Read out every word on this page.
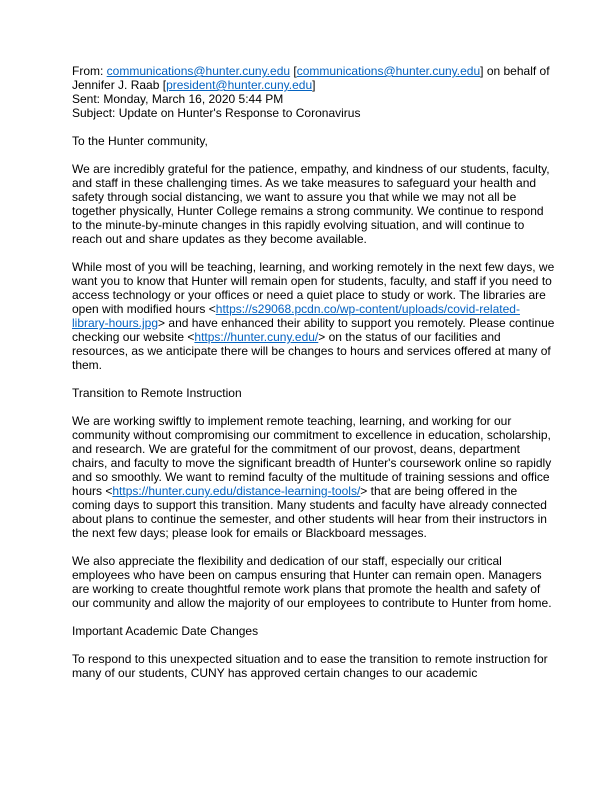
From: communications@hunter.cuny.edu [communications@hunter.cuny.edu] on behalf of Jennifer J. Raab [president@hunter.cuny.edu]

Sent: Monday, March 16, 2020 5:44 PM

Subject: Update on Hunter's Response to Coronavirus

To the Hunter community,

We are incredibly grateful for the patience, empathy, and kindness of our students, faculty, and staff in these challenging times. As we take measures to safeguard your health and safety through social distancing, we want to assure you that while we may not all be together physically, Hunter College remains a strong community. We continue to respond to the minute-by-minute changes in this rapidly evolving situation, and will continue to reach out and share updates as they become available.

While most of you will be teaching, learning, and working remotely in the next few days, we want you to know that Hunter will remain open for students, faculty, and staff if you need to access technology or your offices or need a quiet place to study or work. The libraries are open with modified hours <https://s29068.pcdn.co/wp-content/uploads/covid-related-library-hours.jpg> and have enhanced their ability to support you remotely. Please continue checking our website <https://hunter.cuny.edu/> on the status of our facilities and resources, as we anticipate there will be changes to hours and services offered at many of them.

Transition to Remote Instruction

We are working swiftly to implement remote teaching, learning, and working for our community without compromising our commitment to excellence in education, scholarship, and research. We are grateful for the commitment of our provost, deans, department chairs, and faculty to move the significant breadth of Hunter's coursework online so rapidly and so smoothly. We want to remind faculty of the multitude of training sessions and office hours <https://hunter.cuny.edu/distance-learning-tools/> that are being offered in the coming days to support this transition. Many students and faculty have already connected about plans to continue the semester, and other students will hear from their instructors in the next few days; please look for emails or Blackboard messages.

We also appreciate the flexibility and dedication of our staff, especially our critical employees who have been on campus ensuring that Hunter can remain open. Managers are working to create thoughtful remote work plans that promote the health and safety of our community and allow the majority of our employees to contribute to Hunter from home.

Important Academic Date Changes

To respond to this unexpected situation and to ease the transition to remote instruction for many of our students, CUNY has approved certain changes to our academic
